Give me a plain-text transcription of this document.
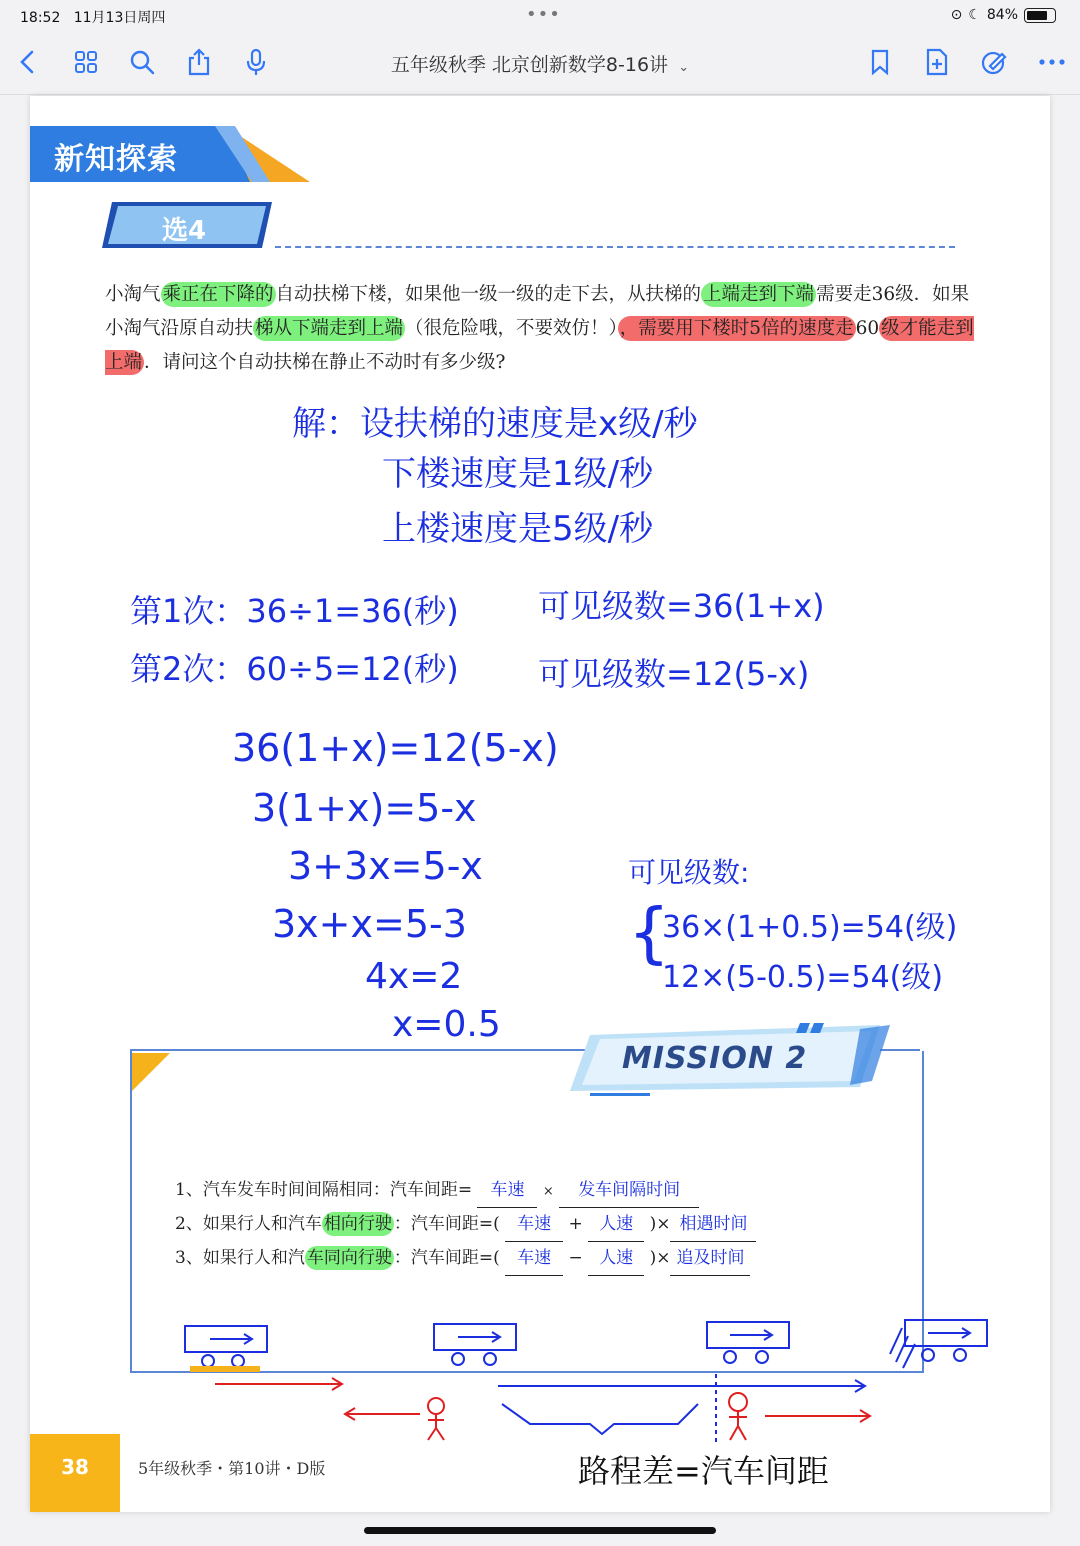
18:52 11月13日周四	•••	⊙ ☾ 84%
五年级秋季 北京创新数学8-16讲  ⌄
新知探索
选4
小淘气 乘正在下降的 自动扶梯下楼，如果他一级一级的走下去，从扶梯的 上端走到下端 需要走36级．如果小淘气沿原自动扶 梯从下端走到上端 （很危险哦，不要效仿！） ，需要用下楼时5倍的速度走 60 级才能走到上端 ．请问这个自动扶梯在静止不动时有多少级?
解：设扶梯的速度是x级/秒
下楼速度是1级/秒
上楼速度是5级/秒
第1次：36÷1=36(秒) 可见级数=36(1+x)
第2次：60÷5=12(秒) 可见级数=12(5-x)
36(1+x)=12(5-x)
3(1+x)=5-x
3+3x=5-x
3x+x=5-3
4x=2
x=0.5
可见级数:
{
36×(1+0.5)=54(级)
12×(5-0.5)=54(级)
MISSION 2
1、汽车发车时间间隔相同：汽车间距= 车速 × 发车间隔时间
2、如果行人和汽车 相向行驶 ：汽车间距=( 车速 + 人速 )× 相遇时间
3、如果行人和汽 车同向行驶 ：汽车间距=( 车速 − 人速 )× 追及时间
路程差=汽车间距
38	5年级秋季・第10讲・D版
